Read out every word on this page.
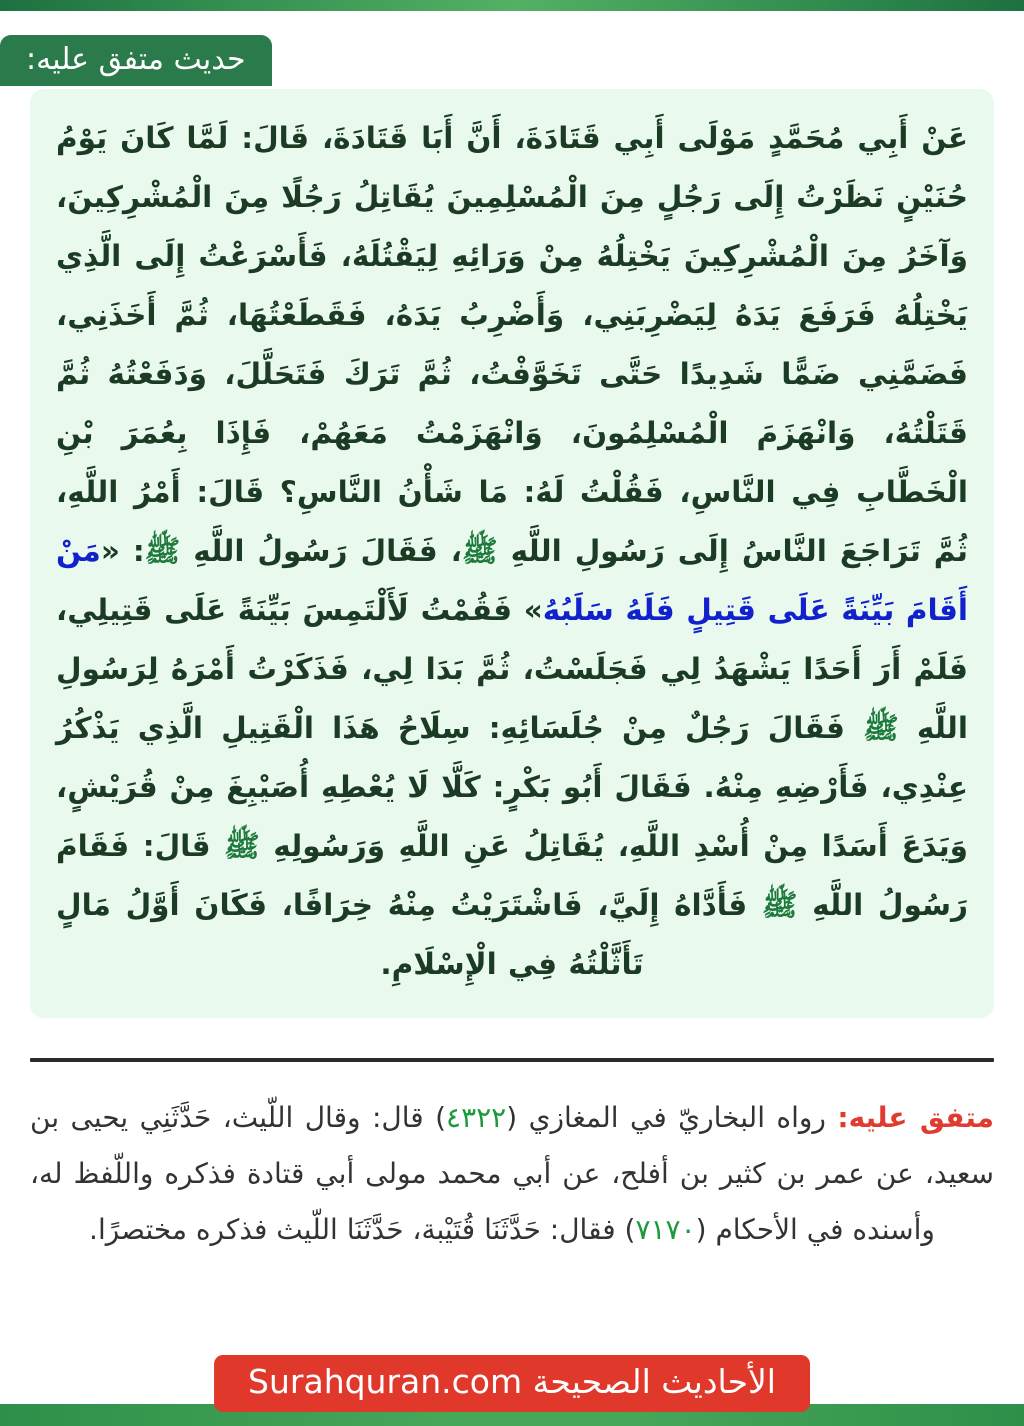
حديث متفق عليه:
عَنْ أَبِي مُحَمَّدٍ مَوْلَى أَبِي قَتَادَةَ، أَنَّ أَبَا قَتَادَةَ، قَالَ: لَمَّا كَانَ يَوْمُ حُنَيْنٍ نَظَرْتُ إِلَى رَجُلٍ مِنَ الْمُسْلِمِينَ يُقَاتِلُ رَجُلًا مِنَ الْمُشْرِكِينَ، وَآخَرُ مِنَ الْمُشْرِكِينَ يَخْتِلُهُ مِنْ وَرَائِهِ لِيَقْتُلَهُ، فَأَسْرَعْتُ إِلَى الَّذِي يَخْتِلُهُ فَرَفَعَ يَدَهُ لِيَضْرِبَنِي، وَأَضْرِبُ يَدَهُ، فَقَطَعْتُهَا، ثُمَّ أَخَذَنِي، فَضَمَّنِي ضَمًّا شَدِيدًا حَتَّى تَخَوَّفْتُ، ثُمَّ تَرَكَ فَتَحَلَّلَ، وَدَفَعْتُهُ ثُمَّ قَتَلْتُهُ، وَانْهَزَمَ الْمُسْلِمُونَ، وَانْهَزَمْتُ مَعَهُمْ، فَإِذَا بِعُمَرَ بْنِ الْخَطَّابِ فِي النَّاسِ، فَقُلْتُ لَهُ: مَا شَأْنُ النَّاسِ؟ قَالَ: أَمْرُ اللَّهِ، ثُمَّ تَرَاجَعَ النَّاسُ إِلَى رَسُولِ اللَّهِ ﷺ، فَقَالَ رَسُولُ اللَّهِ ﷺ: «مَنْ أَقَامَ بَيِّنَةً عَلَى قَتِيلٍ فَلَهُ سَلَبُهُ» فَقُمْتُ لَأَلْتَمِسَ بَيِّنَةً عَلَى قَتِيلِي، فَلَمْ أَرَ أَحَدًا يَشْهَدُ لِي فَجَلَسْتُ، ثُمَّ بَدَا لِي، فَذَكَرْتُ أَمْرَهُ لِرَسُولِ اللَّهِ ﷺ فَقَالَ رَجُلٌ مِنْ جُلَسَائِهِ: سِلَاحُ هَذَا الْقَتِيلِ الَّذِي يَذْكُرُ عِنْدِي، فَأَرْضِهِ مِنْهُ. فَقَالَ أَبُو بَكْرٍ: كَلَّا لَا يُعْطِهِ أُصَيْبِغَ مِنْ قُرَيْشٍ، وَيَدَعَ أَسَدًا مِنْ أُسْدِ اللَّهِ، يُقَاتِلُ عَنِ اللَّهِ وَرَسُولِهِ ﷺ قَالَ: فَقَامَ رَسُولُ اللَّهِ ﷺ فَأَدَّاهُ إِلَيَّ، فَاشْتَرَيْتُ مِنْهُ خِرَافًا، فَكَانَ أَوَّلُ مَالٍ تَأَثَّلْتُهُ فِي الْإِسْلَامِ.
متفق عليه: رواه البخاريّ في المغازي (٤٣٢٢) قال: وقال اللّيث، حَدَّثَنِي يحيى بن سعيد، عن عمر بن كثير بن أفلح، عن أبي محمد مولى أبي قتادة فذكره واللّفظ له، وأسنده في الأحكام (٧١٧٠) فقال: حَدَّثَنَا قُتَيْبة، حَدَّثَنَا اللّيث فذكره مختصرًا.
الأحاديث الصحيحة Surahquran.com
